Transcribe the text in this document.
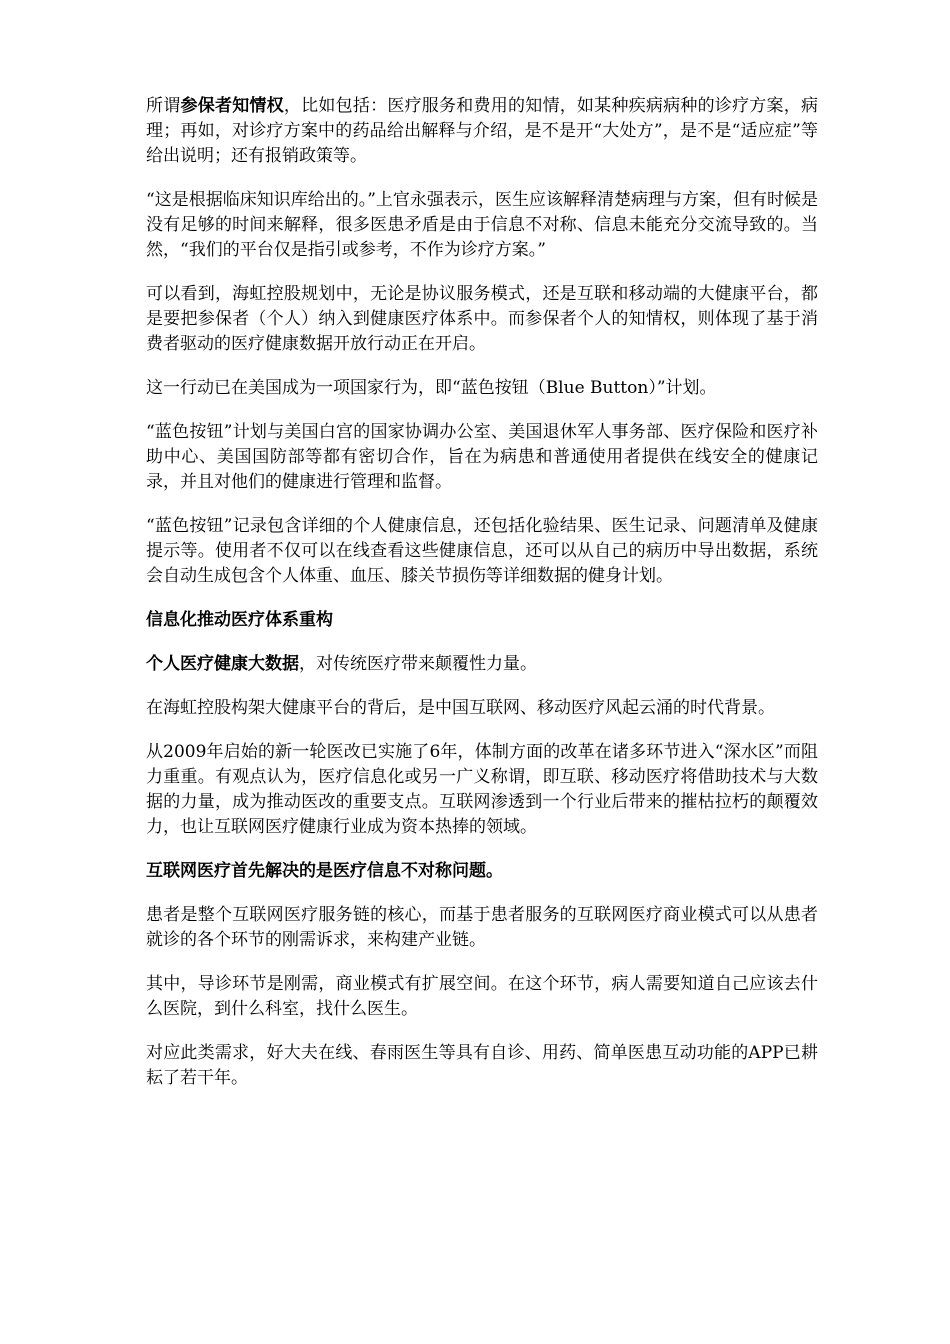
所谓参保者知情权，比如包括：医疗服务和费用的知情，如某种疾病病种的诊疗方案，病理；再如，对诊疗方案中的药品给出解释与介绍，是不是开“大处方”，是不是“适应症”等给出说明；还有报销政策等。

“这是根据临床知识库给出的。”上官永强表示，医生应该解释清楚病理与方案，但有时候是没有足够的时间来解释，很多医患矛盾是由于信息不对称、信息未能充分交流导致的。当然，“我们的平台仅是指引或参考，不作为诊疗方案。”

可以看到，海虹控股规划中，无论是协议服务模式，还是互联和移动端的大健康平台，都是要把参保者（个人）纳入到健康医疗体系中。而参保者个人的知情权，则体现了基于消费者驱动的医疗健康数据开放行动正在开启。

这一行动已在美国成为一项国家行为，即“蓝色按钮（Blue Button）”计划。

“蓝色按钮”计划与美国白宫的国家协调办公室、美国退休军人事务部、医疗保险和医疗补助中心、美国国防部等都有密切合作，旨在为病患和普通使用者提供在线安全的健康记录，并且对他们的健康进行管理和监督。

“蓝色按钮”记录包含详细的个人健康信息，还包括化验结果、医生记录、问题清单及健康提示等。使用者不仅可以在线查看这些健康信息，还可以从自己的病历中导出数据，系统会自动生成包含个人体重、血压、膝关节损伤等详细数据的健身计划。

信息化推动医疗体系重构

个人医疗健康大数据，对传统医疗带来颠覆性力量。

在海虹控股构架大健康平台的背后，是中国互联网、移动医疗风起云涌的时代背景。

从2009年启始的新一轮医改已实施了6年，体制方面的改革在诸多环节进入“深水区”而阻力重重。有观点认为，医疗信息化或另一广义称谓，即互联、移动医疗将借助技术与大数据的力量，成为推动医改的重要支点。互联网渗透到一个行业后带来的摧枯拉朽的颠覆效力，也让互联网医疗健康行业成为资本热捧的领域。

互联网医疗首先解决的是医疗信息不对称问题。

患者是整个互联网医疗服务链的核心，而基于患者服务的互联网医疗商业模式可以从患者就诊的各个环节的刚需诉求，来构建产业链。

其中，导诊环节是刚需，商业模式有扩展空间。在这个环节，病人需要知道自己应该去什么医院，到什么科室，找什么医生。

对应此类需求，好大夫在线、春雨医生等具有自诊、用药、简单医患互动功能的APP已耕耘了若干年。
